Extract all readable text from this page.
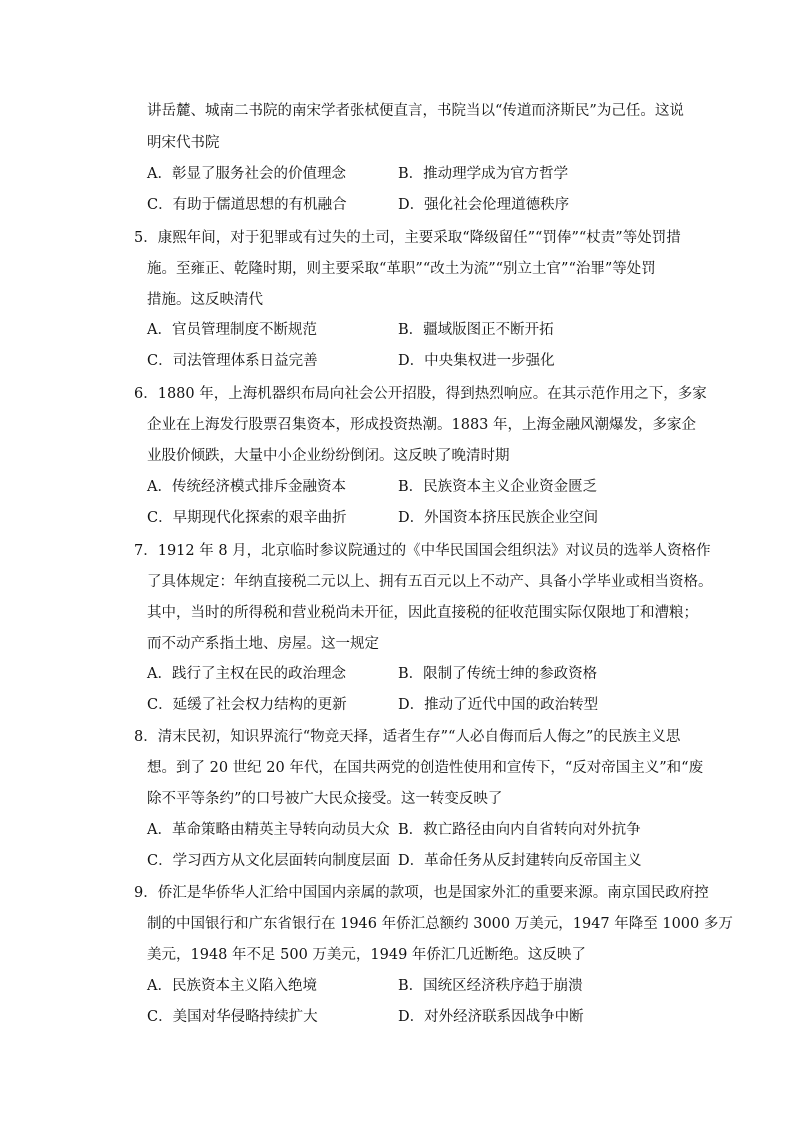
讲岳麓、城南二书院的南宋学者张栻便直言，书院当以“传道而济斯民”为己任。这说
明宋代书院
A．彰显了服务社会的价值理念	B．推动理学成为官方哲学
C．有助于儒道思想的有机融合	D．强化社会伦理道德秩序
5．康熙年间，对于犯罪或有过失的土司，主要采取“降级留任”“罚俸”“杖责”等处罚措
施。至雍正、乾隆时期，则主要采取“革职”“改土为流”“别立土官”“治罪”等处罚
措施。这反映清代
A．官员管理制度不断规范	B．疆域版图正不断开拓
C．司法管理体系日益完善	D．中央集权进一步强化
6．1880 年，上海机器织布局向社会公开招股，得到热烈响应。在其示范作用之下，多家
企业在上海发行股票召集资本，形成投资热潮。1883 年，上海金融风潮爆发，多家企
业股价倾跌，大量中小企业纷纷倒闭。这反映了晚清时期
A．传统经济模式排斥金融资本	B．民族资本主义企业资金匮乏
C．早期现代化探索的艰辛曲折	D．外国资本挤压民族企业空间
7．1912 年 8 月，北京临时参议院通过的《中华民国国会组织法》对议员的选举人资格作
了具体规定：年纳直接税二元以上、拥有五百元以上不动产、具备小学毕业或相当资格。
其中，当时的所得税和营业税尚未开征，因此直接税的征收范围实际仅限地丁和漕粮；
而不动产系指土地、房屋。这一规定
A．践行了主权在民的政治理念	B．限制了传统士绅的参政资格
C．延缓了社会权力结构的更新	D．推动了近代中国的政治转型
8．清末民初，知识界流行“物竞天择，适者生存”“人必自侮而后人侮之”的民族主义思
想。到了 20 世纪 20 年代，在国共两党的创造性使用和宣传下，“反对帝国主义”和“废
除不平等条约”的口号被广大民众接受。这一转变反映了
A．革命策略由精英主导转向动员大众 B．救亡路径由向内自省转向对外抗争
C．学习西方从文化层面转向制度层面 D．革命任务从反封建转向反帝国主义
9．侨汇是华侨华人汇给中国国内亲属的款项，也是国家外汇的重要来源。南京国民政府控
制的中国银行和广东省银行在 1946 年侨汇总额约 3000 万美元，1947 年降至 1000 多万
美元，1948 年不足 500 万美元，1949 年侨汇几近断绝。这反映了
A．民族资本主义陷入绝境	B．国统区经济秩序趋于崩溃
C．美国对华侵略持续扩大	D．对外经济联系因战争中断
